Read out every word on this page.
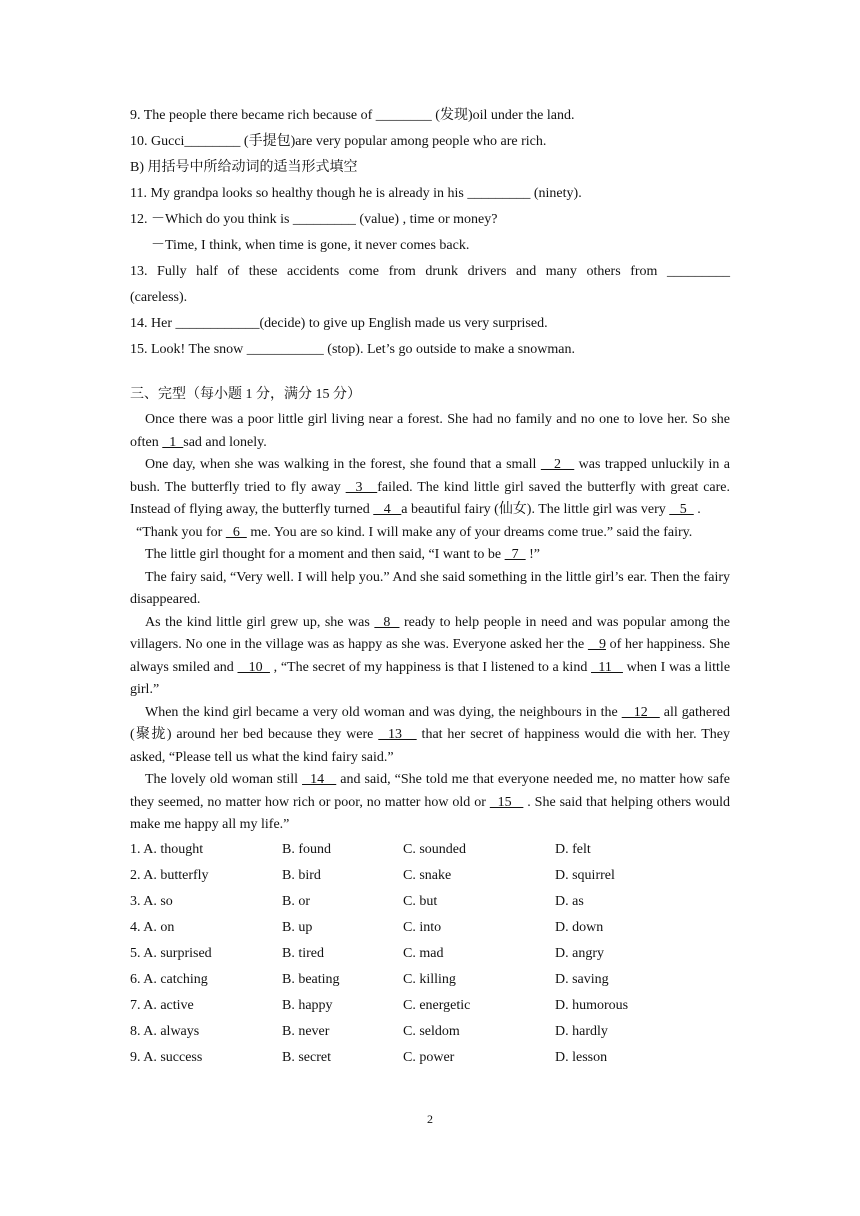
9. The people there became rich because of ________ (发现)oil under the land.
10. Gucci________ (手提包)are very popular among people who are rich.
B) 用括号中所给动词的适当形式填空
11. My grandpa looks so healthy though he is already in his _________ (ninety).
12. －Which do you think is _________ (value) , time or money?
－Time, I think, when time is gone, it never comes back.
13. Fully half of these accidents come from drunk drivers and many others from _________
(careless).
14. Her ____________(decide) to give up English made us very surprised.
15. Look! The snow ___________ (stop). Let’s go outside to make a snowman.
三、完型（每小题 1 分，满分 15 分）

Once there was a poor little girl living near a forest. She had no family and no one to love her. So she often   1  sad and lonely.

One day, when she was walking in the forest, she found that a small    2    was trapped unluckily in a bush. The butterfly tried to fly away   3   failed. The kind little girl saved the butterfly with great care. Instead of flying away, the butterfly turned    4   a beautiful fairy (仙女). The little girl was very    5   .

“Thank you for   6   me. You are so kind. I will make any of your dreams come true.” said the fairy.

The little girl thought for a moment and then said, “I want to be   7   !”

The fairy said, “Very well. I will help you.” And she said something in the little girl’s ear. Then the fairy disappeared.

As the kind little girl grew up, she was   8   ready to help people in need and was popular among the villagers. No one in the village was as happy as she was. Everyone asked her the    9 of her happiness. She always smiled and    10   , “The secret of my happiness is that I listened to a kind   11    when I was a little girl.”

When the kind girl became a very old woman and was dying, the neighbours in the    12    all gathered (聚拢) around her bed because they were   13    that her secret of happiness would die with her. They asked, “Please tell us what the kind fairy said.”

The lovely old woman still   14    and said, “She told me that everyone needed me, no matter how safe they seemed, no matter how rich or poor, no matter how old or   15    . She said that helping others would make me happy all my life.”

1. A. thought	B. found	C. sounded	D. felt
2. A. butterfly	B. bird	C. snake	D. squirrel
3. A. so	B. or	C. but	D. as
4. A. on	B. up	C. into	D. down
5. A. surprised	B. tired	C. mad	D. angry
6. A. catching	B. beating	C. killing	D. saving
7. A. active	B. happy	C. energetic	D. humorous
8. A. always	B. never	C. seldom	D. hardly
9. A. success	B. secret	C. power	D. lesson
2
